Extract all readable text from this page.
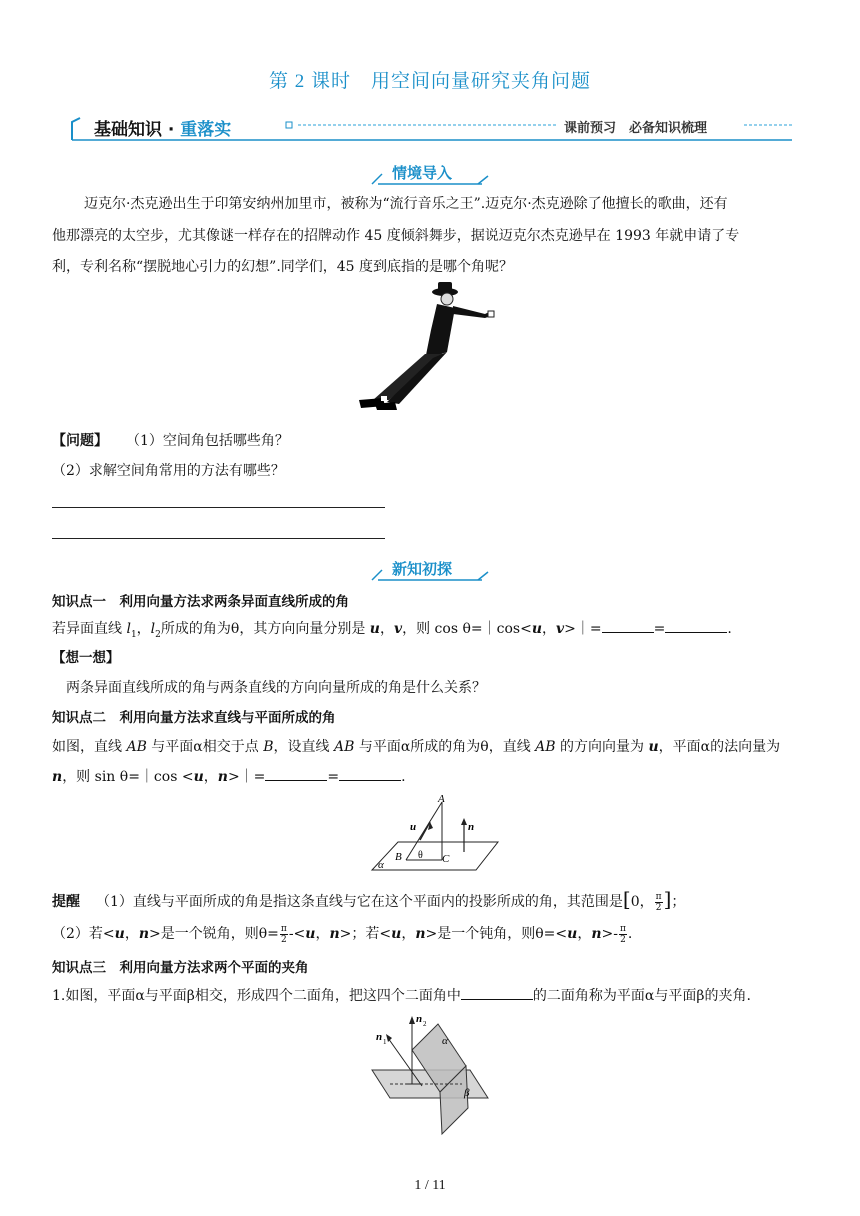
第 2 课时　用空间向量研究夹角问题
基础知识 · 重落实	课前预习　必备知识梳理
情境导入
迈克尔·杰克逊出生于印第安纳州加里市，被称为“流行音乐之王”.迈克尔·杰克逊除了他擅长的歌曲，还有
他那漂亮的太空步，尤其像谜一样存在的招牌动作 45 度倾斜舞步，据说迈克尔杰克逊早在 1993 年就申请了专
利，专利名称“摆脱地心引力的幻想”.同学们，45 度到底指的是哪个角呢？
【问题】 （1）空间角包括哪些角？
（2）求解空间角常用的方法有哪些？
新知初探
知识点一　利用向量方法求两条异面直线所成的角
若异面直线 $l_1$，$l_2$所成的角为θ，其方向向量分别是 u，v，则 cos θ=｜cos<u，v>｜=	=	.
【想一想】
两条异面直线所成的角与两条直线的方向向量所成的角是什么关系？
知识点二　利用向量方法求直线与平面所成的角
如图，直线 AB 与平面α相交于点 B，设直线 AB 与平面α所成的角为θ，直线 AB 的方向向量为 u，平面α的法向量为
n，则 sin θ=｜cos <u，n>｜=	=	.
A
u	n
θ
B	C
α
提醒 （1）直线与平面所成的角是指这条直线与它在这个平面内的投影所成的角，其范围是[0， $\frac{\pi}{2}$ ]；
（2）若<u，n>是一个锐角，则$\theta= \frac{\pi}{2} -<u$，n>；若<u，n>是一个钝角，则θ=<u，$n>- \frac{\pi}{2}$ .
知识点三　利用向量方法求两个平面的夹角
1.如图，平面α与平面β相交，形成四个二面角，把这四个二面角中	的二面角称为平面α与平面β的夹角.
n 1
n 2
α
β
1 / 11
